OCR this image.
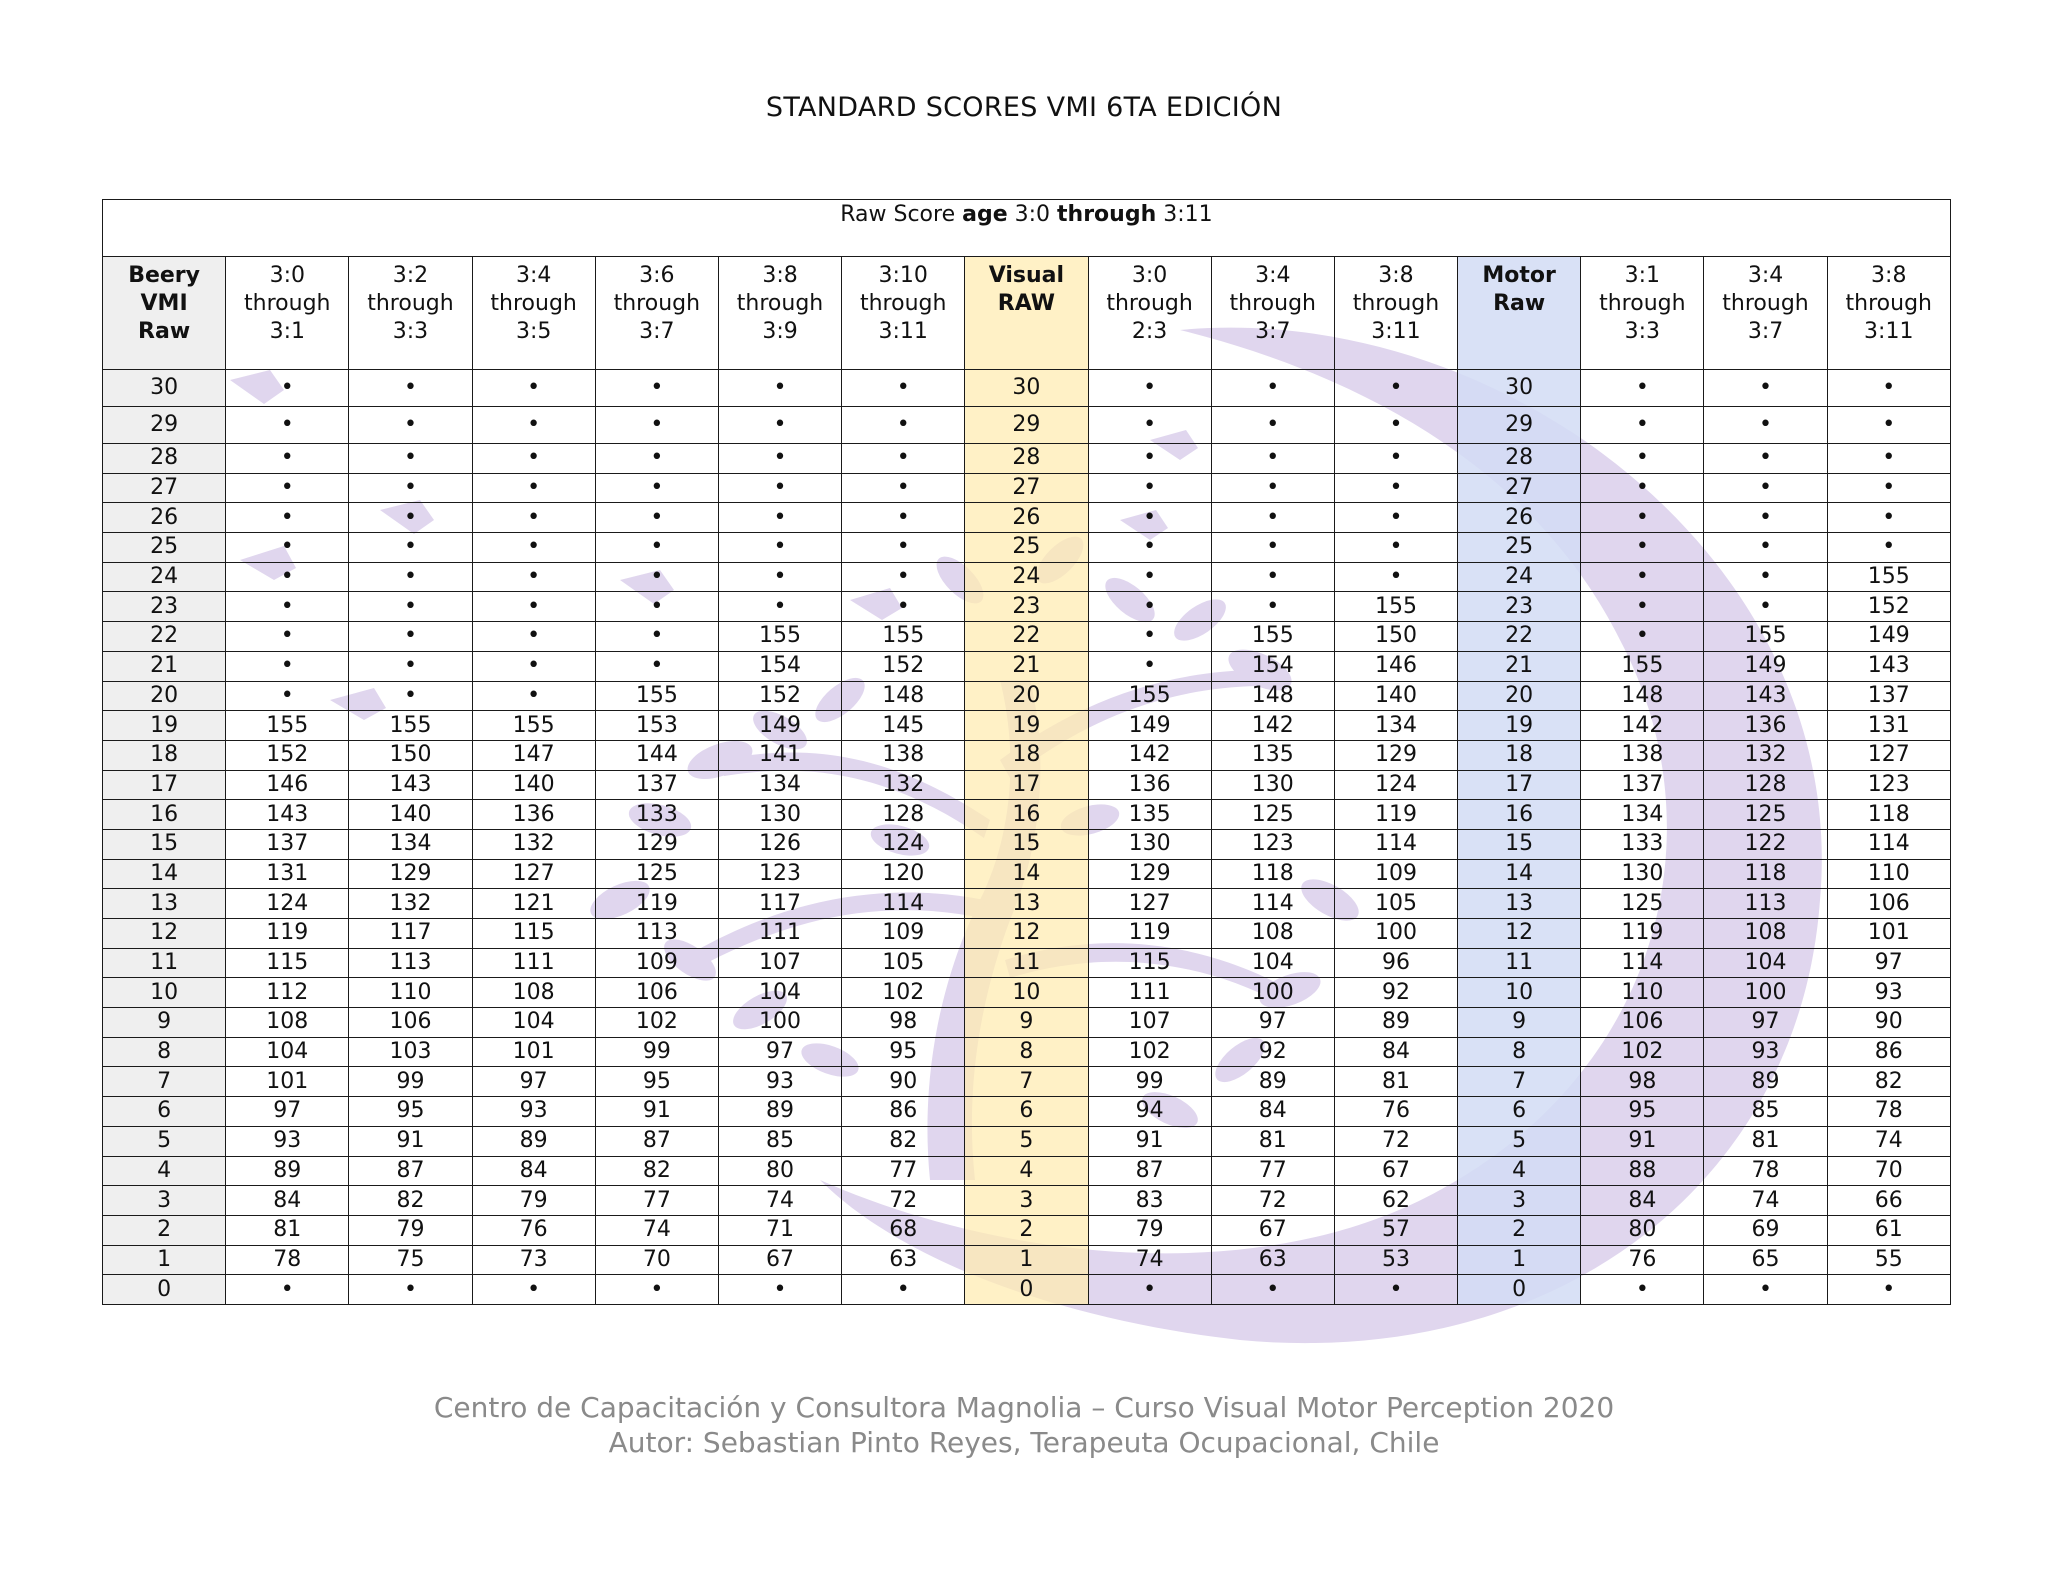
STANDARD SCORES VMI 6TA EDICIÓN
Raw Score age 3:0 through 3:11														
Beery
VMI
Raw	3:0
through
3:1	3:2
through
3:3	3:4
through
3:5	3:6
through
3:7	3:8
through
3:9	3:10
through
3:11	Visual
RAW	3:0
through
2:3	3:4
through
3:7	3:8
through
3:11	Motor
Raw	3:1
through
3:3	3:4
through
3:7	3:8
through
3:11
30	•	•	•	•	•	•	30	•	•	•	30	•	•	•
29	•	•	•	•	•	•	29	•	•	•	29	•	•	•
28	•	•	•	•	•	•	28	•	•	•	28	•	•	•
27	•	•	•	•	•	•	27	•	•	•	27	•	•	•
26	•	•	•	•	•	•	26	•	•	•	26	•	•	•
25	•	•	•	•	•	•	25	•	•	•	25	•	•	•
24	•	•	•	•	•	•	24	•	•	•	24	•	•	155
23	•	•	•	•	•	•	23	•	•	155	23	•	•	152
22	•	•	•	•	155	155	22	•	155	150	22	•	155	149
21	•	•	•	•	154	152	21	•	154	146	21	155	149	143
20	•	•	•	155	152	148	20	155	148	140	20	148	143	137
19	155	155	155	153	149	145	19	149	142	134	19	142	136	131
18	152	150	147	144	141	138	18	142	135	129	18	138	132	127
17	146	143	140	137	134	132	17	136	130	124	17	137	128	123
16	143	140	136	133	130	128	16	135	125	119	16	134	125	118
15	137	134	132	129	126	124	15	130	123	114	15	133	122	114
14	131	129	127	125	123	120	14	129	118	109	14	130	118	110
13	124	132	121	119	117	114	13	127	114	105	13	125	113	106
12	119	117	115	113	111	109	12	119	108	100	12	119	108	101
11	115	113	111	109	107	105	11	115	104	96	11	114	104	97
10	112	110	108	106	104	102	10	111	100	92	10	110	100	93
9	108	106	104	102	100	98	9	107	97	89	9	106	97	90
8	104	103	101	99	97	95	8	102	92	84	8	102	93	86
7	101	99	97	95	93	90	7	99	89	81	7	98	89	82
6	97	95	93	91	89	86	6	94	84	76	6	95	85	78
5	93	91	89	87	85	82	5	91	81	72	5	91	81	74
4	89	87	84	82	80	77	4	87	77	67	4	88	78	70
3	84	82	79	77	74	72	3	83	72	62	3	84	74	66
2	81	79	76	74	71	68	2	79	67	57	2	80	69	61
1	78	75	73	70	67	63	1	74	63	53	1	76	65	55
0	•	•	•	•	•	•	0	•	•	•	0	•	•	•
Centro de Capacitación y Consultora Magnolia – Curso Visual Motor Perception 2020
Autor: Sebastian Pinto Reyes, Terapeuta Ocupacional, Chile
